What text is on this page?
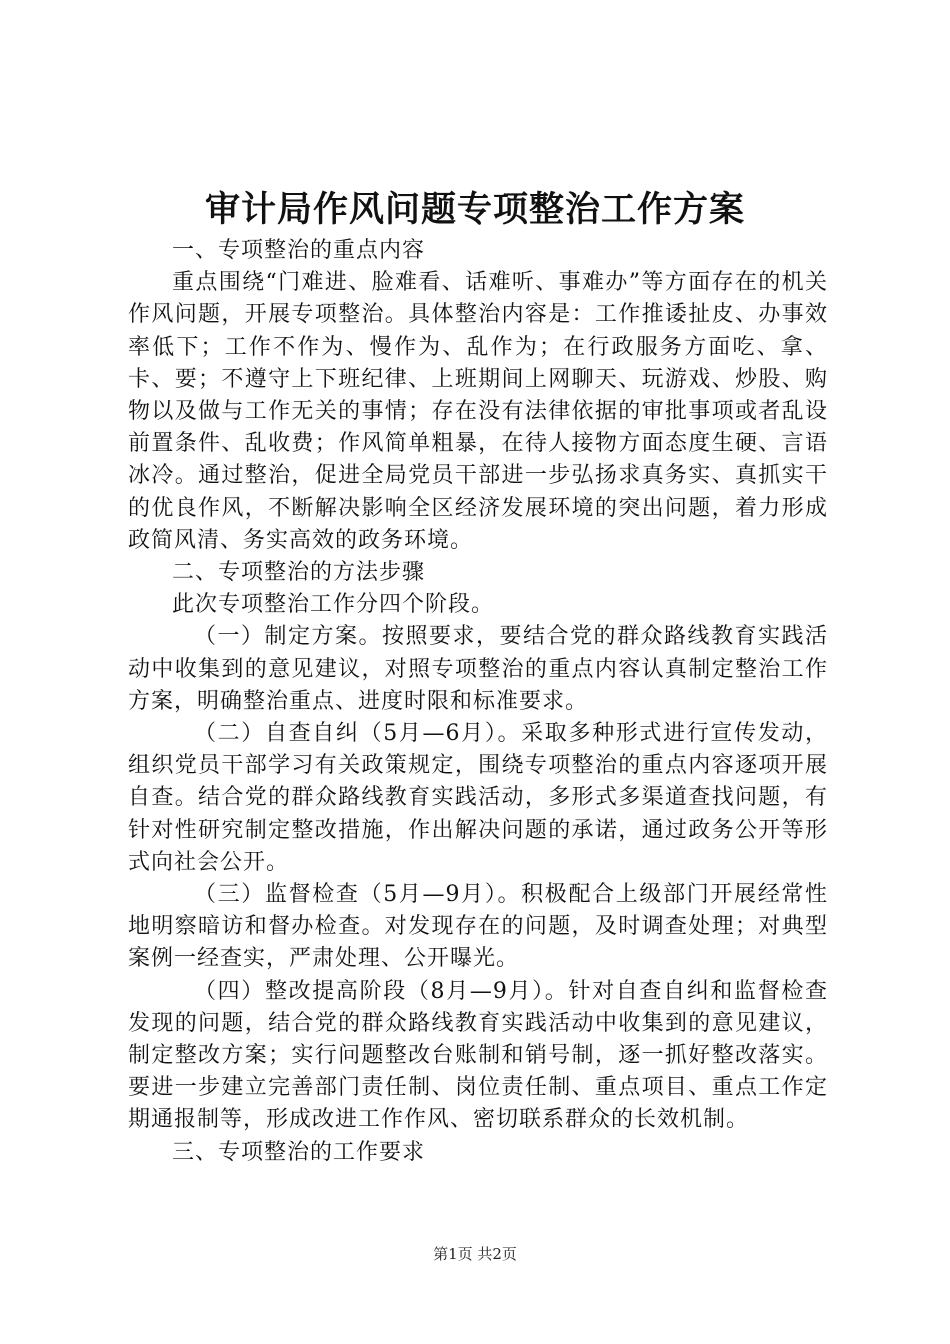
审计局作风问题专项整治工作方案

一、专项整治的重点内容

重点围绕“门难进、脸难看、话难听、事难办”等方面存在的机关作风问题，开展专项整治。具体整治内容是：工作推诿扯皮、办事效率低下；工作不作为、慢作为、乱作为；在行政服务方面吃、拿、卡、要；不遵守上下班纪律、上班期间上网聊天、玩游戏、炒股、购物以及做与工作无关的事情；存在没有法律依据的审批事项或者乱设前置条件、乱收费；作风简单粗暴，在待人接物方面态度生硬、言语冰冷。通过整治，促进全局党员干部进一步弘扬求真务实、真抓实干的优良作风，不断解决影响全区经济发展环境的突出问题，着力形成政简风清、务实高效的政务环境。

二、专项整治的方法步骤

此次专项整治工作分四个阶段。

（一）制定方案。按照要求，要结合党的群众路线教育实践活动中收集到的意见建议，对照专项整治的重点内容认真制定整治工作方案，明确整治重点、进度时限和标准要求。

（二）自查自纠（5月—6月）。采取多种形式进行宣传发动，组织党员干部学习有关政策规定，围绕专项整治的重点内容逐项开展自查。结合党的群众路线教育实践活动，多形式多渠道查找问题，有针对性研究制定整改措施，作出解决问题的承诺，通过政务公开等形式向社会公开。

（三）监督检查（5月—9月）。积极配合上级部门开展经常性地明察暗访和督办检查。对发现存在的问题，及时调查处理；对典型案例一经查实，严肃处理、公开曝光。

（四）整改提高阶段（8月—9月）。针对自查自纠和监督检查发现的问题，结合党的群众路线教育实践活动中收集到的意见建议，制定整改方案；实行问题整改台账制和销号制，逐一抓好整改落实。要进一步建立完善部门责任制、岗位责任制、重点项目、重点工作定期通报制等，形成改进工作作风、密切联系群众的长效机制。

三、专项整治的工作要求

第1页 共2页
